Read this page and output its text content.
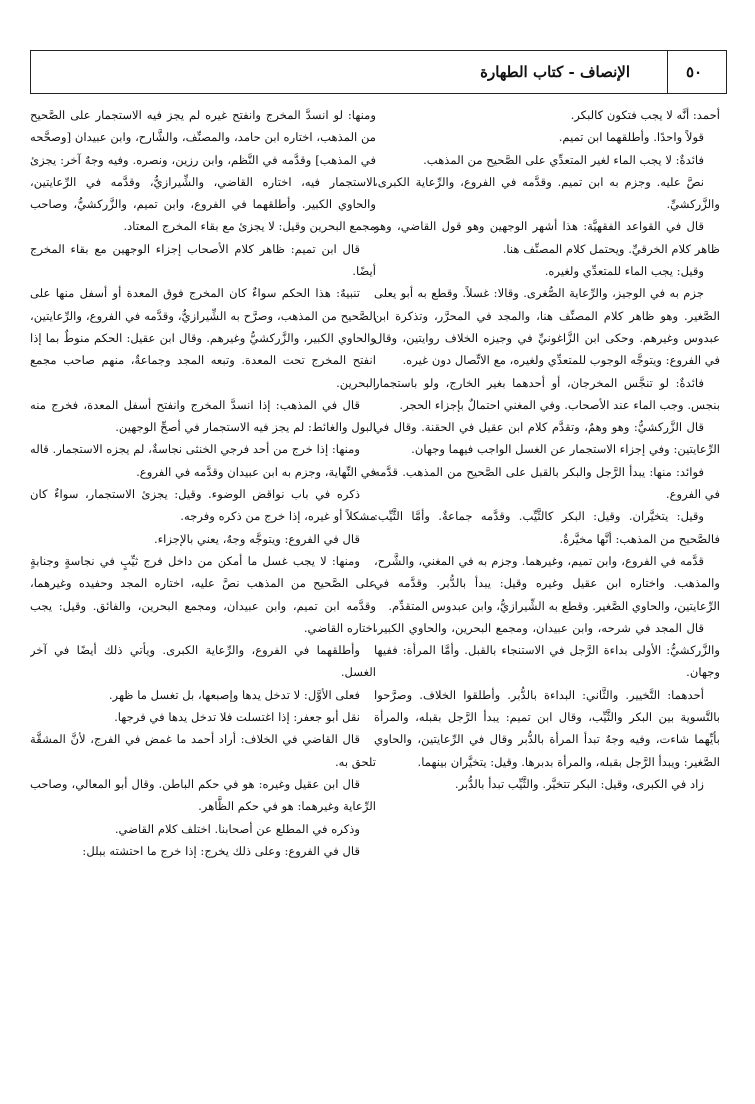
الإنصاف - كتاب الطهارة	٥٠

أحمد: أنَّه لا يجب فتكون كالبكر.

قولاً واحدًا. وأطلقهما ابن تميم.

فائدةٌ: لا يجب الماء لغير المتعدِّي على الصَّحيح من المذهب.

نصَّ عليه. وجزم به ابن تميم. وقدَّمه في الفروع، والرِّعاية الكبرى، والزَّركشيِّ.

قال في القواعد الفقهيَّة: هذا أشهر الوجهين وهو قول القاضي، وهو ظاهر كلام الخرقيِّ. ويحتمل كلام المصنِّف هنا.

وقيل: يجب الماء للمتعدِّي ولغيره.

جزم به في الوجيز، والرِّعاية الصُّغرى. وقالا: غسلاً. وقطع به أبو يعلى الصَّغير. وهو ظاهر كلام المصنِّف هنا، والمجد في المحرَّر، وتذكرة ابن عبدوس وغيرهم. وحكى ابن الزَّاغونيِّ في وجيزه الخلاف روايتين، وقال في الفروع: ويتوجَّه الوجوب للمتعدِّي ولغيره، مع الاتِّصال دون غيره.

فائدةٌ: لو تنجَّس المخرجان، أو أحدهما بغير الخارج، ولو باستجمار بنجس. وجب الماء عند الأصحاب. وفي المغني احتمالٌ بإجزاء الحجر.

قال الزَّركشيُّ: وهو وهمٌ، وتقدَّم كلام ابن عقيل في الحقنة. وقال في الرِّعايتين: وفي إجزاء الاستجمار عن الغسل الواجب فيهما وجهان.

فوائد: منها: يبدأ الرَّجل والبكر بالقبل على الصَّحيح من المذهب. قدَّمه في الفروع.

وقيل: يتخيَّران. وقيل: البكر كالثَّيِّب. وقدَّمه جماعةٌ. وأمَّا الثَّيِّب: فالصَّحيح من المذهب: أنَّها مخيَّرةٌ.

قدَّمه في الفروع، وابن تميم، وغيرهما. وجزم به في المغني، والشَّرح، والمذهب. واختاره ابن عقيل وغيره وقيل: يبدأ بالدُّبر. وقدَّمه في الرِّعايتين، والحاوي الصَّغير. وقطع به الشِّيرازيُّ، وابن عبدوس المتقدِّم.

قال المجد في شرحه، وابن عبيدان، ومجمع البحرين، والحاوي الكبير، والزَّركشيُّ: الأولى بداءة الرَّجل في الاستنجاء بالقبل. وأمَّا المرأة: ففيها وجهان.

أحدهما: التَّخيير. والثَّاني: البداءة بالدُّبر. وأطلقوا الخلاف. وصرَّحوا بالتَّسوية بين البكر والثَّيِّب، وقال ابن تميم: يبدأ الرَّجل بقبله، والمرأة بأيِّهما شاءت، وفيه وجهٌ تبدأ المرأة بالدُّبر وقال في الرِّعايتين، والحاوي الصَّغير: ويبدأ الرَّجل بقبله، والمرأة بدبرها. وقيل: يتخيَّران بينهما.

زاد في الكبرى، وقيل: البكر تتخيَّر. والثَّيِّب تبدأ بالدُّبر.

ومنها: لو انسدَّ المخرج وانفتح غيره لم يجز فيه الاستجمار على الصَّحيح من المذهب، اختاره ابن حامد، والمصنِّف، والشَّارح، وابن عبيدان [وصحَّحه في المذهب] وقدَّمه في النَّظم، وابن رزين، ونصره. وفيه وجهٌ آخر: يجزئ الاستجمار فيه، اختاره القاضي، والشِّيرازيُّ، وقدَّمه في الرِّعايتين، والحاوي الكبير. وأطلقهما في الفروع، وابن تميم، والزَّركشيُّ، وصاحب مجمع البحرين وقيل: لا يجزئ مع بقاء المخرج المعتاد.

قال ابن تميم: ظاهر كلام الأصحاب إجزاء الوجهين مع بقاء المخرج أيضًا.

تنبيهٌ: هذا الحكم سواءٌ كان المخرج فوق المعدة أو أسفل منها على الصَّحيح من المذهب، وصرَّح به الشِّيرازيُّ، وقدَّمه في الفروع، والرِّعايتين، والحاوي الكبير، والزَّركشيُّ وغيرهم. وقال ابن عقيل: الحكم منوطٌ بما إذا انفتح المخرج تحت المعدة. وتبعه المجد وجماعةٌ، منهم صاحب مجمع البحرين.

قال في المذهب: إذا انسدَّ المخرج وانفتح أسفل المعدة، فخرج منه البول والغائط: لم يجز فيه الاستجمار في أصحِّ الوجهين.

ومنها: إذا خرج من أحد فرجي الخنثى نجاسةٌ، لم يجزه الاستجمار. قاله في النِّهاية، وجزم به ابن عبيدان وقدَّمه في الفروع.

ذكره في باب نواقض الوضوء. وقيل: يجزئ الاستجمار، سواءٌ كان مشكلاً أو غيره، إذا خرج من ذكره وفرجه.

قال في الفروع: ويتوجَّه وجهٌ، يعني بالإجزاء.

ومنها: لا يجب غسل ما أمكن من داخل فرج ثيِّبٍ في نجاسةٍ وجنابةٍ على الصَّحيح من المذهب نصَّ عليه، اختاره المجد وحفيده وغيرهما، وقدَّمه ابن تميم، وابن عبيدان، ومجمع البحرين، والفائق. وقيل: يجب اختاره القاضي.

وأطلقهما في الفروع، والرِّعاية الكبرى. ويأتي ذلك أيضًا في آخر الغسل.

فعلى الأوَّل: لا تدخل يدها وإصبعها، بل تغسل ما ظهر.

نقل أبو جعفر: إذا اغتسلت فلا تدخل يدها في فرجها.

قال القاضي في الخلاف: أراد أحمد ما غمض في الفرج، لأنَّ المشقَّة تلحق به.

قال ابن عقيل وغيره: هو في حكم الباطن. وقال أبو المعالي، وصاحب الرِّعاية وغيرهما: هو في حكم الظَّاهر.

وذكره في المطلع عن أصحابنا. اختلف كلام القاضي.

قال في الفروع: وعلى ذلك يخرج: إذا خرج ما احتشته ببلل:
